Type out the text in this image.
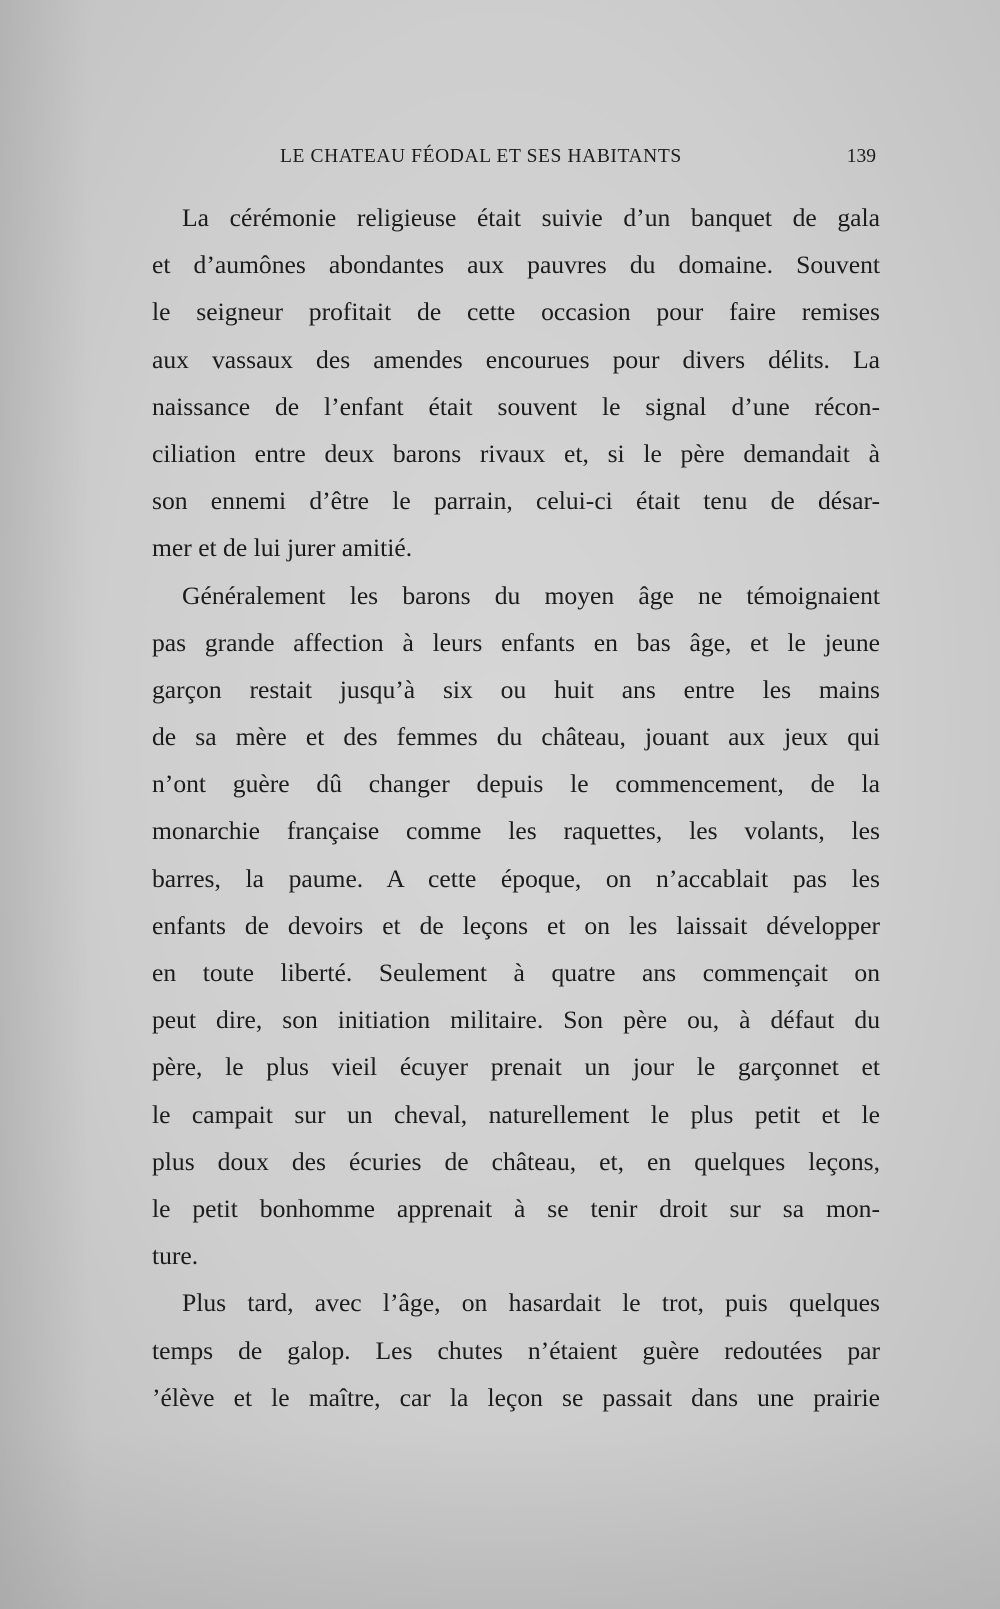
LE CHATEAU FÉODAL ET SES HABITANTS	139
La cérémonie religieuse était suivie d’un banquet de gala
et d’aumônes abondantes aux pauvres du domaine. Souvent
le seigneur profitait de cette occasion pour faire remises
aux vassaux des amendes encourues pour divers délits. La
naissance de l’enfant était souvent le signal d’une récon-
ciliation entre deux barons rivaux et, si le père demandait à
son ennemi d’être le parrain, celui-ci était tenu de désar-
mer et de lui jurer amitié.
Généralement les barons du moyen âge ne témoignaient
pas grande affection à leurs enfants en bas âge, et le jeune
garçon restait jusqu’à six ou huit ans entre les mains
de sa mère et des femmes du château, jouant aux jeux qui
n’ont guère dû changer depuis le commencement, de la
monarchie française comme les raquettes, les volants, les
barres, la paume. A cette époque, on n’accablait pas les
enfants de devoirs et de leçons et on les laissait développer
en toute liberté. Seulement à quatre ans commençait on
peut dire, son initiation militaire. Son père ou, à défaut du
père, le plus vieil écuyer prenait un jour le garçonnet et
le campait sur un cheval, naturellement le plus petit et le
plus doux des écuries de château, et, en quelques leçons,
le petit bonhomme apprenait à se tenir droit sur sa mon-
ture.
Plus tard, avec l’âge, on hasardait le trot, puis quelques
temps de galop. Les chutes n’étaient guère redoutées par
’élève et le maître, car la leçon se passait dans une prairie
